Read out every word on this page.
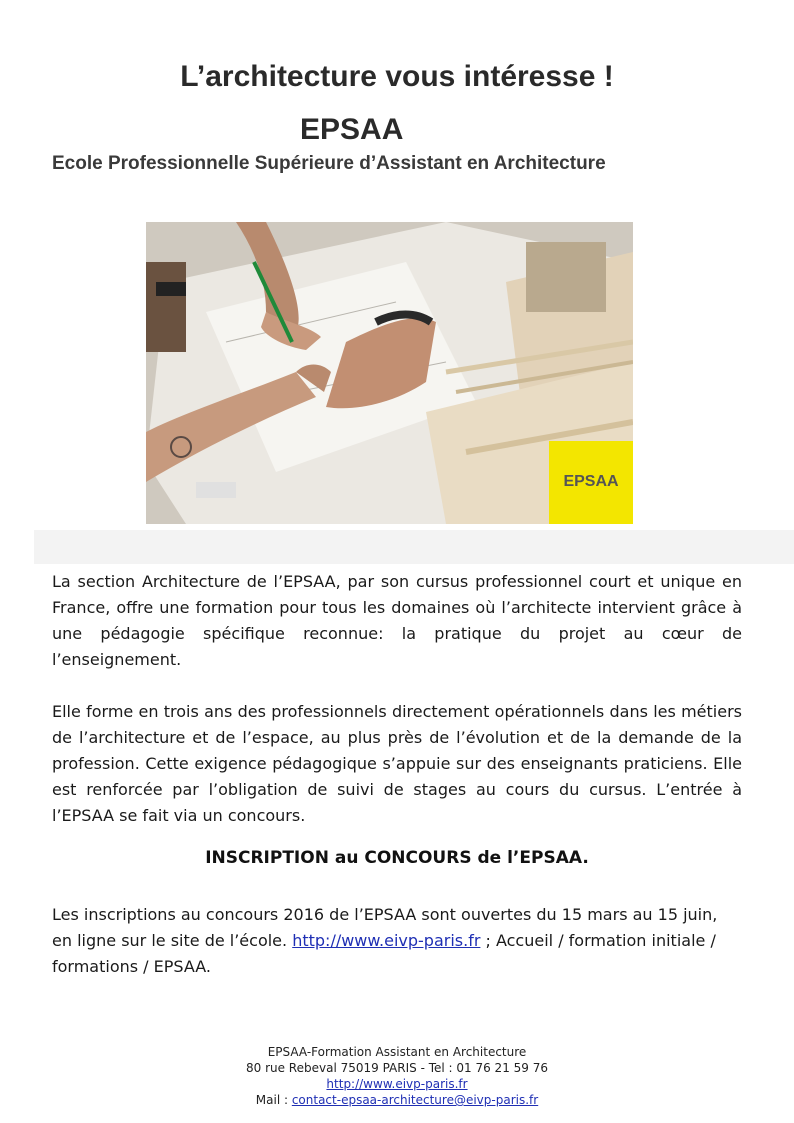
L’architecture vous intéresse !
EPSAA
Ecole Professionnelle Supérieure d’Assistant en Architecture
EPSAA
La section Architecture de l’EPSAA, par son cursus professionnel court et unique en France, offre une formation pour tous les domaines où l’architecte intervient grâce à une pédagogie spécifique reconnue: la pratique du projet au cœur de l’enseignement.
Elle forme en trois ans des professionnels directement opérationnels dans les métiers de l’architecture et de l’espace, au plus près de l’évolution et de la demande de la profession. Cette exigence pédagogique s’appuie sur des enseignants praticiens. Elle est renforcée par l’obligation de suivi de stages au cours du cursus. L’entrée à l’EPSAA se fait via un concours.
INSCRIPTION au CONCOURS de l’EPSAA.
Les inscriptions au concours 2016 de l’EPSAA sont ouvertes du 15 mars au 15 juin, en ligne sur le site de l’école. http://www.eivp-paris.fr ; Accueil / formation initiale / formations / EPSAA.
EPSAA-Formation Assistant en Architecture
80 rue Rebeval 75019 PARIS - Tel : 01 76 21 59 76
http://www.eivp-paris.fr
Mail : contact-epsaa-architecture@eivp-paris.fr
